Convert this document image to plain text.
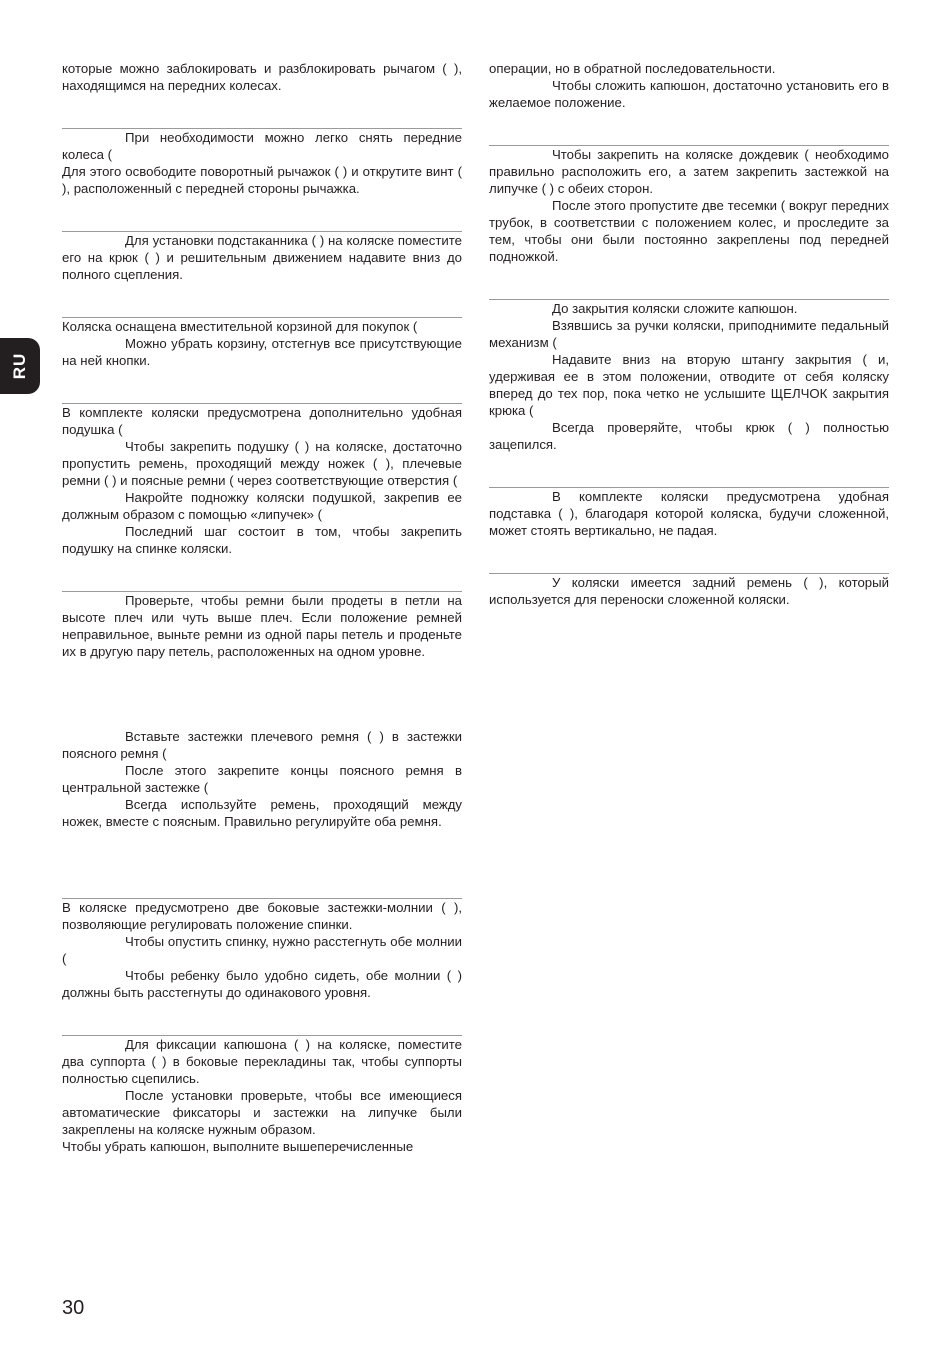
RU

которые можно заблокировать и разблокировать рычагом ( ), находящимся на передних колесах.

При необходимости можно легко снять передние колеса (

Для этого освободите поворотный рычажок ( ) и открутите винт ( ), расположенный с передней стороны рычажка.

Для установки подстаканника ( ) на коляске поместите его на крюк ( ) и решительным движением надавите вниз до полного сцепления.

Коляска оснащена вместительной корзиной для покупок (

Можно убрать корзину, отстегнув все присутствующие на ней кнопки.

В комплекте коляски предусмотрена дополнительно удобная подушка (

Чтобы закрепить подушку ( ) на коляске, достаточно пропустить ремень, проходящий между ножек ( ), плечевые ремни ( ) и поясные ремни ( через соответствующие отверстия (

Накройте подножку коляски подушкой, закрепив ее должным образом с помощью «липучек» (

Последний шаг состоит в том, чтобы закрепить подушку на спинке коляски.

Проверьте, чтобы ремни были продеты в петли на высоте плеч или чуть выше плеч. Если положение ремней неправильное, выньте ремни из одной пары петель и проденьте их в другую пару петель, расположенных на одном уровне.

Вставьте застежки плечевого ремня ( ) в застежки поясного ремня (

После этого закрепите концы поясного ремня в центральной застежке (

Всегда используйте ремень, проходящий между ножек, вместе с поясным. Правильно регулируйте оба ремня.

В коляске предусмотрено две боковые застежки-молнии ( ), позволяющие регулировать положение спинки.

Чтобы опустить спинку, нужно расстегнуть обе молнии (

Чтобы ребенку было удобно сидеть, обе молнии ( ) должны быть расстегнуты до одинакового уровня.

Для фиксации капюшона ( ) на коляске, поместите два суппорта ( ) в боковые перекладины так, чтобы суппорты полностью сцепились.

После установки проверьте, чтобы все имеющиеся автоматические фиксаторы и застежки на липучке были закреплены на коляске нужным образом.

Чтобы убрать капюшон, выполните вышеперечисленные

операции, но в обратной последовательности.

Чтобы сложить капюшон, достаточно установить его в желаемое положение.

Чтобы закрепить на коляске дождевик ( необходимо правильно расположить его, а затем закрепить застежкой на липучке ( ) с обеих сторон.

После этого пропустите две тесемки ( вокруг передних трубок, в соответствии с положением колес, и проследите за тем, чтобы они были постоянно закреплены под передней подножкой.

До закрытия коляски сложите капюшон.

Взявшись за ручки коляски, приподнимите педальный механизм (

Надавите вниз на вторую штангу закрытия ( и, удерживая ее в этом положении, отводите от себя коляску вперед до тех пор, пока четко не услышите ЩЕЛЧОК закрытия крюка (

Всегда проверяйте, чтобы крюк ( ) полностью зацепился.

В комплекте коляски предусмотрена удобная подставка ( ), благодаря которой коляска, будучи сложенной, может стоять вертикально, не падая.

У коляски имеется задний ремень ( ), который используется для переноски сложенной коляски.

30
